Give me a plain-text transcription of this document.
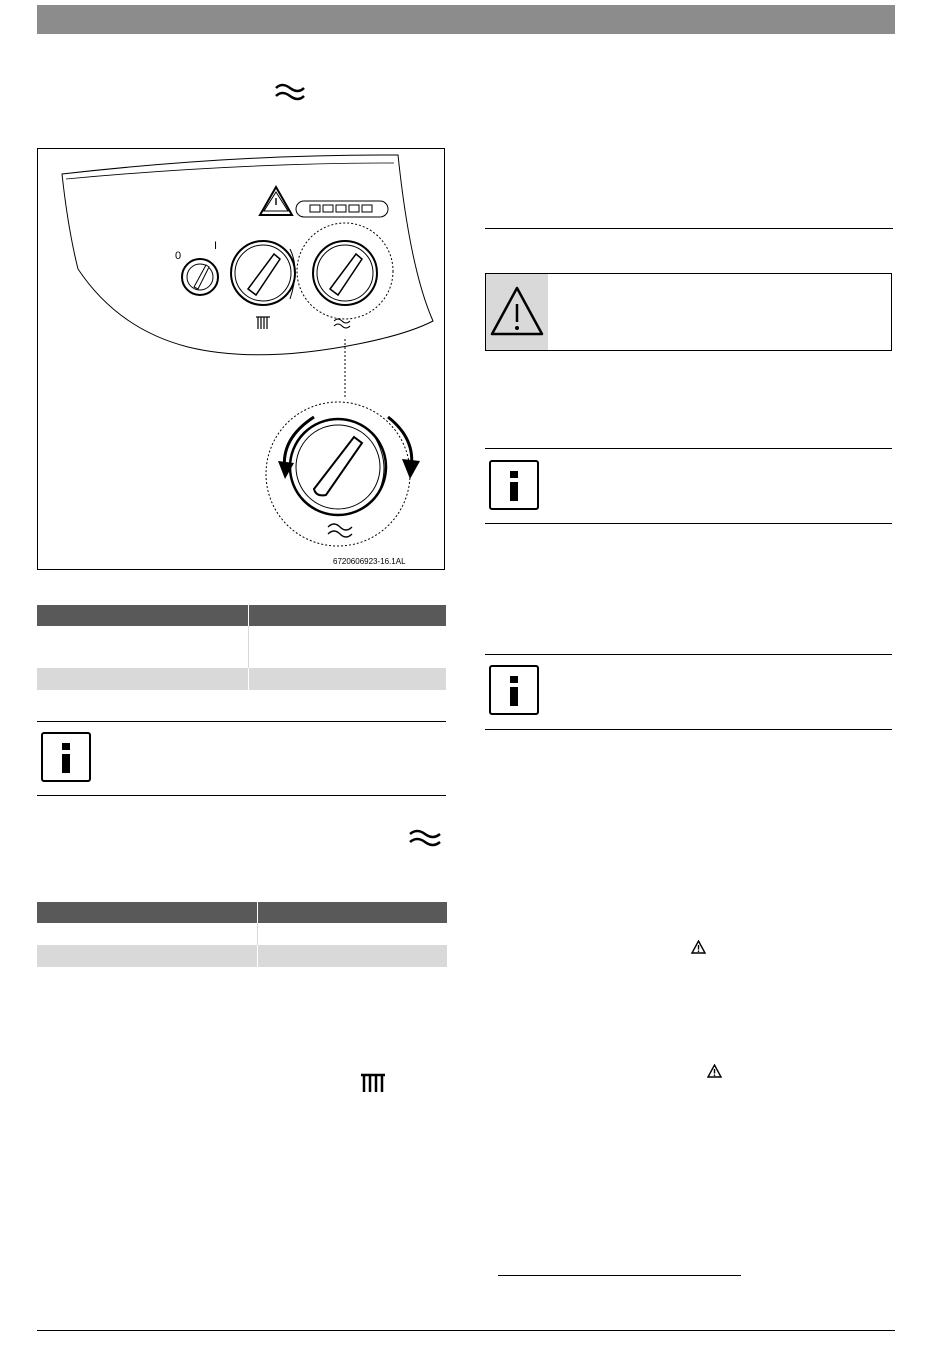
0
I
6720606923-16.1AL
